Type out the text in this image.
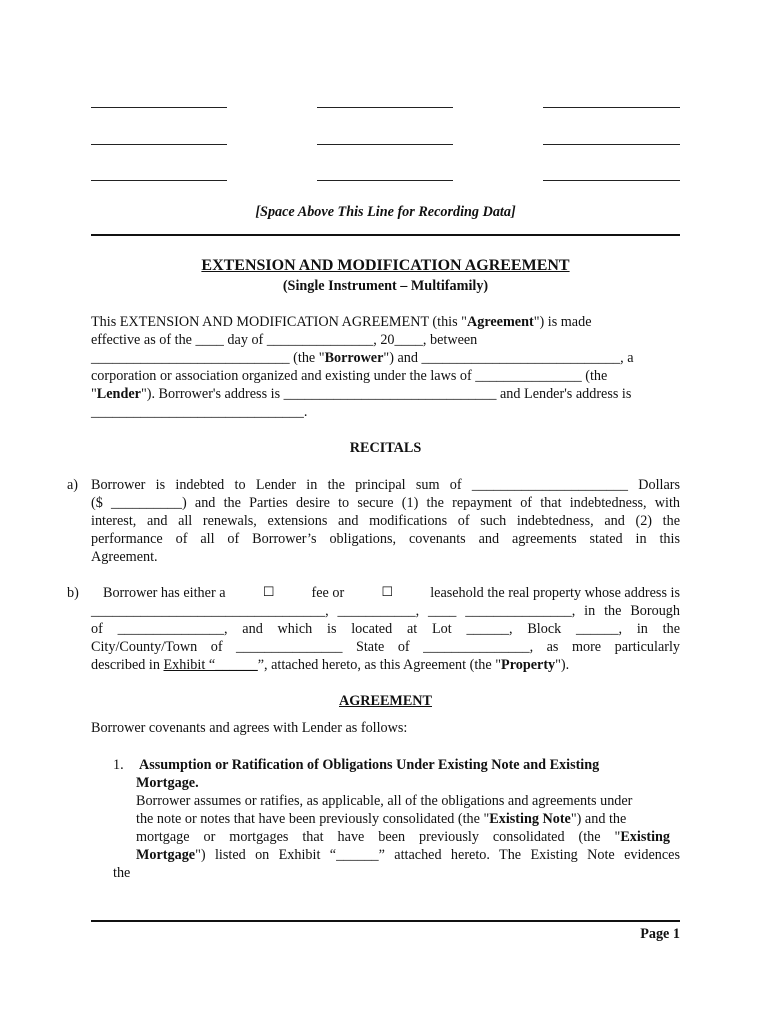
[Space Above This Line for Recording Data]
EXTENSION AND MODIFICATION AGREEMENT
(Single Instrument – Multifamily)
This EXTENSION AND MODIFICATION AGREEMENT (this "Agreement") is made
effective as of the ____ day of _______________, 20____, between
____________________________ (the "Borrower") and ____________________________, a
corporation or association organized and existing under the laws of _______________ (the
"Lender"). Borrower's address is ______________________________ and Lender's address is
______________________________.
RECITALS
a) Borrower is indebted to Lender in the principal sum of ______________________ Dollars
($ __________) and the Parties desire to secure (1) the repayment of that indebtedness, with
interest, and all renewals, extensions and modifications of such indebtedness, and (2) the
performance of all of Borrower’s obligations, covenants and agreements stated in this
Agreement.
b)	Borrower has either a	☐	fee or	☐	leasehold the real property whose address is
_________________________________, ___________, ____ _______________, in the Borough
of _______________, and which is located at Lot ______, Block ______, in the
City/County/Town of _______________ State of _______________, as more particularly
described in Exhibit “______”, attached hereto, as this Agreement (the "Property").
AGREEMENT
Borrower covenants and agrees with Lender as follows:
1. Assumption or Ratification of Obligations Under Existing Note and Existing
Mortgage.
Borrower assumes or ratifies, as applicable, all of the obligations and agreements under
the note or notes that have been previously consolidated (the "Existing Note") and the
mortgage or mortgages that have been previously consolidated (the "Existing
Mortgage") listed on Exhibit “______” attached hereto. The Existing Note evidences
the
Page 1
